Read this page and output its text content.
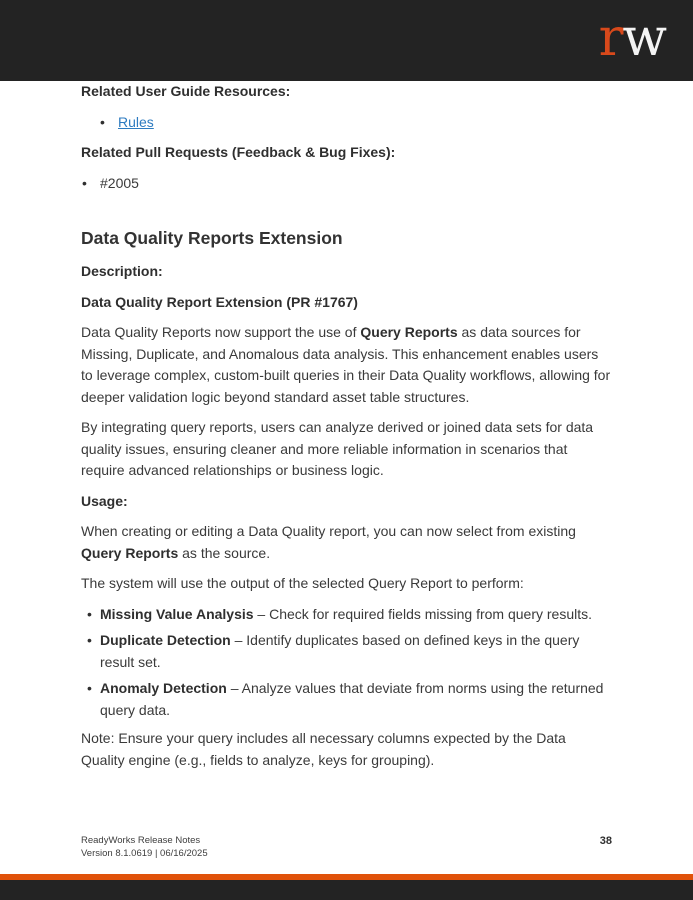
rw

Related User Guide Resources:

• Rules

Related Pull Requests (Feedback & Bug Fixes):

• #2005
Data Quality Reports Extension

Description:

Data Quality Report Extension (PR #1767)

Data Quality Reports now support the use of Query Reports as data sources for Missing, Duplicate, and Anomalous data analysis. This enhancement enables users to leverage complex, custom-built queries in their Data Quality workflows, allowing for deeper validation logic beyond standard asset table structures.

By integrating query reports, users can analyze derived or joined data sets for data quality issues, ensuring cleaner and more reliable information in scenarios that require advanced relationships or business logic.

Usage:

When creating or editing a Data Quality report, you can now select from existing Query Reports as the source.

The system will use the output of the selected Query Report to perform:

• Missing Value Analysis – Check for required fields missing from query results.
• Duplicate Detection – Identify duplicates based on defined keys in the query result set.
• Anomaly Detection – Analyze values that deviate from norms using the returned query data.

Note: Ensure your query includes all necessary columns expected by the Data Quality engine (e.g., fields to analyze, keys for grouping).

ReadyWorks Release Notes
Version 8.1.0619 | 06/16/2025
38
